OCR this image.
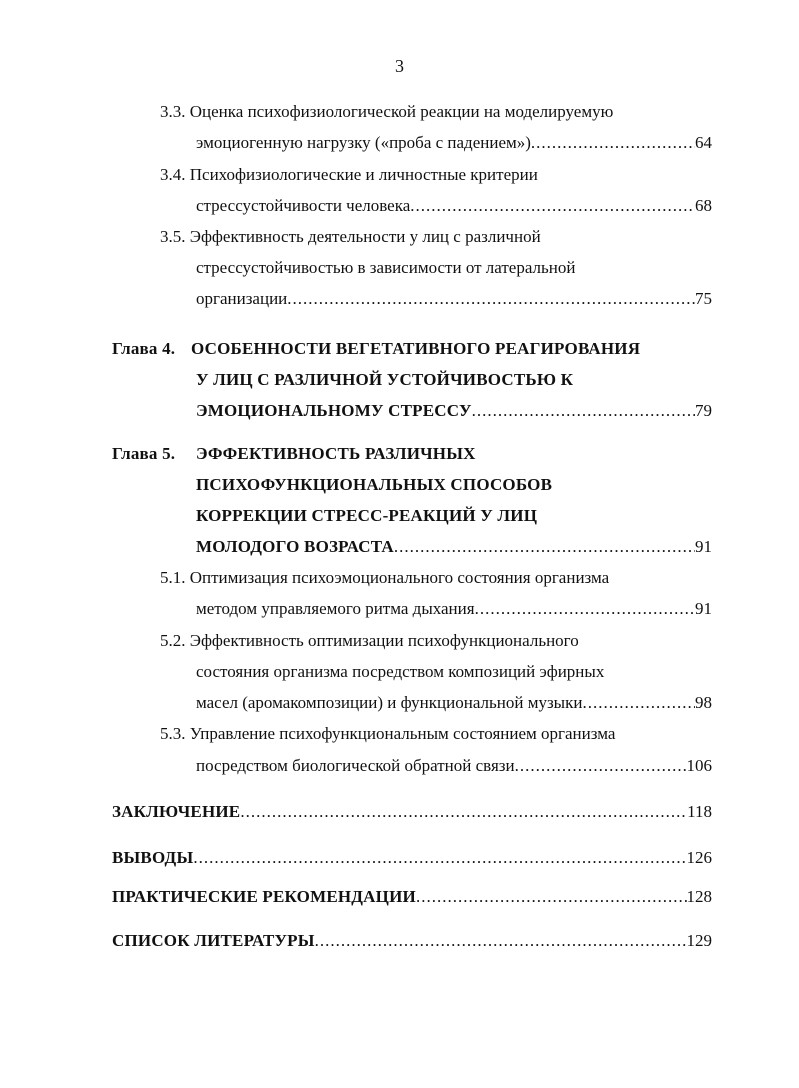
3
3.3. Оценка психофизиологической реакции на моделируемую
эмоциогенную нагрузку («проба с падением») .....	64
3.4. Психофизиологические и личностные критерии
стрессустойчивости человека .....	68
3.5. Эффективность деятельности у лиц с различной
стрессустойчивостью в зависимости от латеральной
организации .....	75
Глава 4. ОСОБЕННОСТИ ВЕГЕТАТИВНОГО РЕАГИРОВАНИЯ
У ЛИЦ С РАЗЛИЧНОЙ УСТОЙЧИВОСТЬЮ К
ЭМОЦИОНАЛЬНОМУ СТРЕССУ .....	79
Глава 5. ЭФФЕКТИВНОСТЬ РАЗЛИЧНЫХ
ПСИХОФУНКЦИОНАЛЬНЫХ СПОСОБОВ
КОРРЕКЦИИ СТРЕСС-РЕАКЦИЙ У ЛИЦ
МОЛОДОГО ВОЗРАСТА .....	91
5.1. Оптимизация психоэмоционального состояния организма
методом управляемого ритма дыхания .....	91
5.2. Эффективность оптимизации психофункционального
состояния организма посредством композиций эфирных
масел (аромакомпозиции) и функциональной музыки .....	98
5.3. Управление психофункциональным состоянием организма
посредством биологической обратной связи .....	106
ЗАКЛЮЧЕНИЕ .....	118
ВЫВОДЫ .....	126
ПРАКТИЧЕСКИЕ РЕКОМЕНДАЦИИ .....	128
СПИСОК ЛИТЕРАТУРЫ .....	129
